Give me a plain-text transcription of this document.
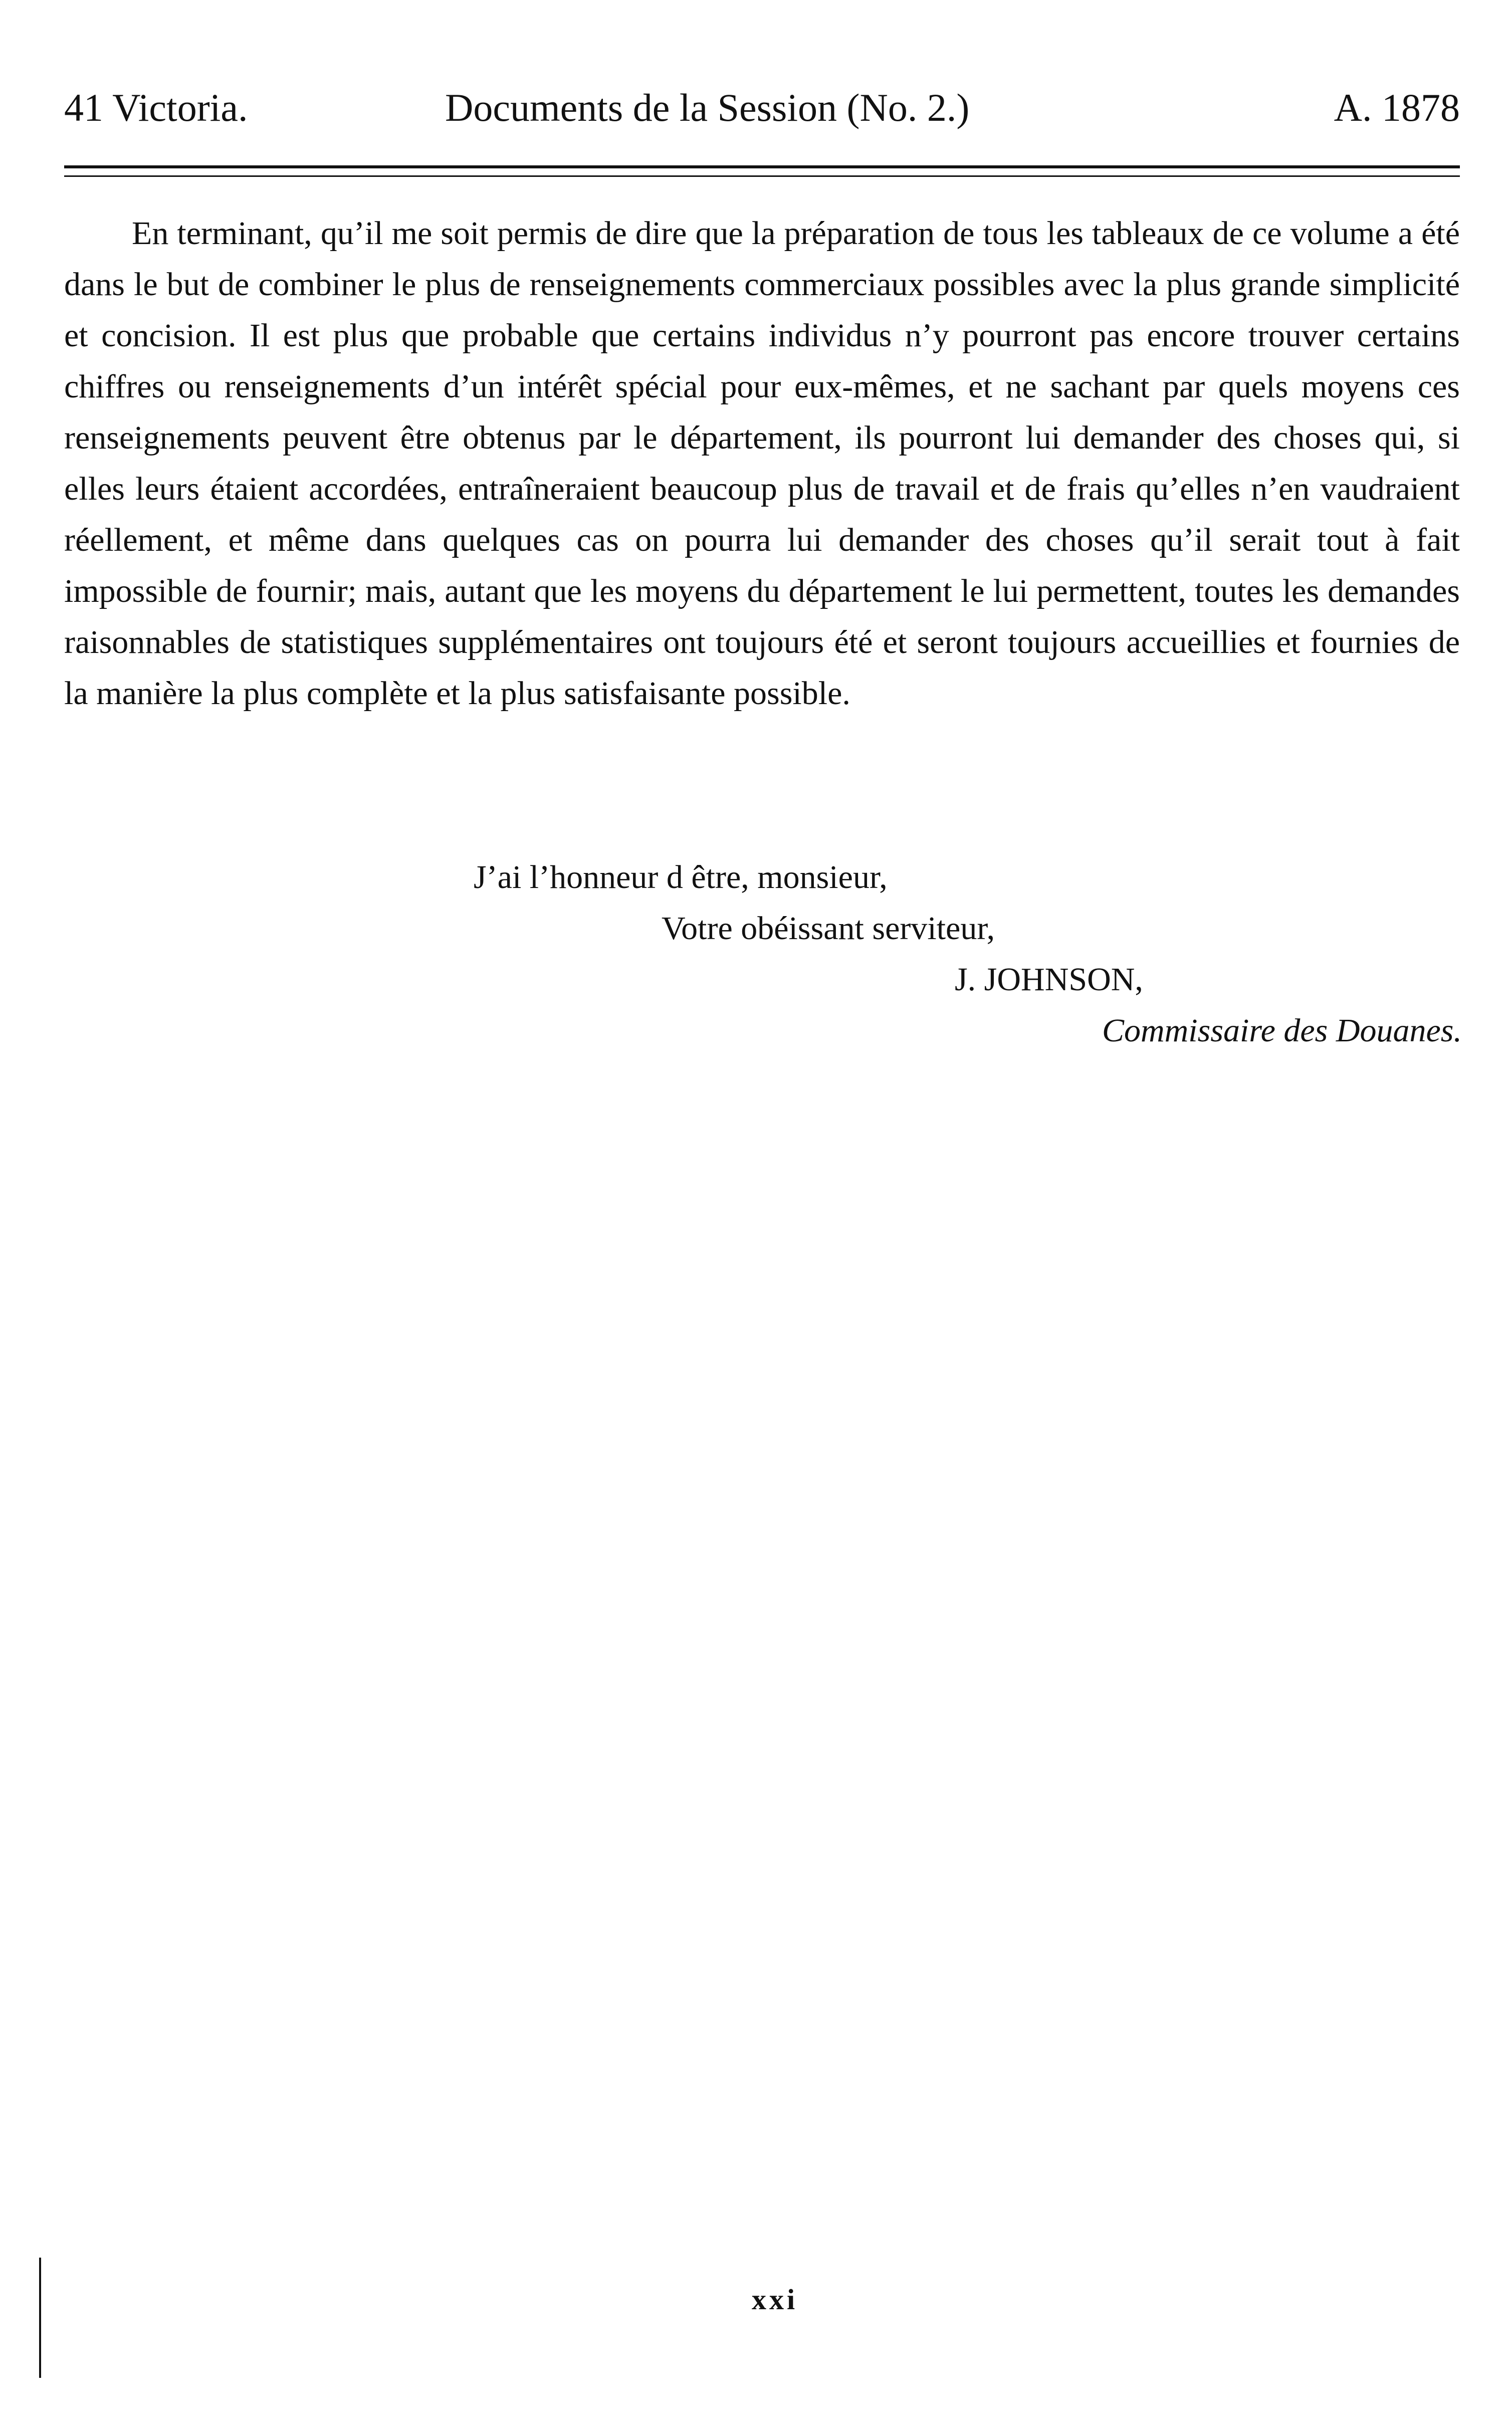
41 Victoria.	Documents de la Session (No. 2.)	A. 1878

En terminant, qu’il me soit permis de dire que la préparation de tous les tableaux de ce volume a été dans le but de combiner le plus de renseignements commerciaux possibles avec la plus grande simplicité et concision. Il est plus que probable que certains individus n’y pourront pas encore trouver certains chiffres ou renseignements d’un intérêt spécial pour eux-mêmes, et ne sachant par quels moyens ces renseignements peuvent être obtenus par le département, ils pourront lui demander des choses qui, si elles leurs étaient accordées, entraîneraient beaucoup plus de travail et de frais qu’elles n’en vaudraient réellement, et même dans quelques cas on pourra lui demander des choses qu’il serait tout à fait impossible de fournir; mais, autant que les moyens du département le lui permettent, toutes les demandes raisonnables de statistiques supplémentaires ont toujours été et seront toujours accueillies et fournies de la manière la plus complète et la plus satisfaisante possible.

J’ai l’honneur d être, monsieur,
Votre obéissant serviteur,
J. JOHNSON,
Commissaire des Douanes.
xxi
